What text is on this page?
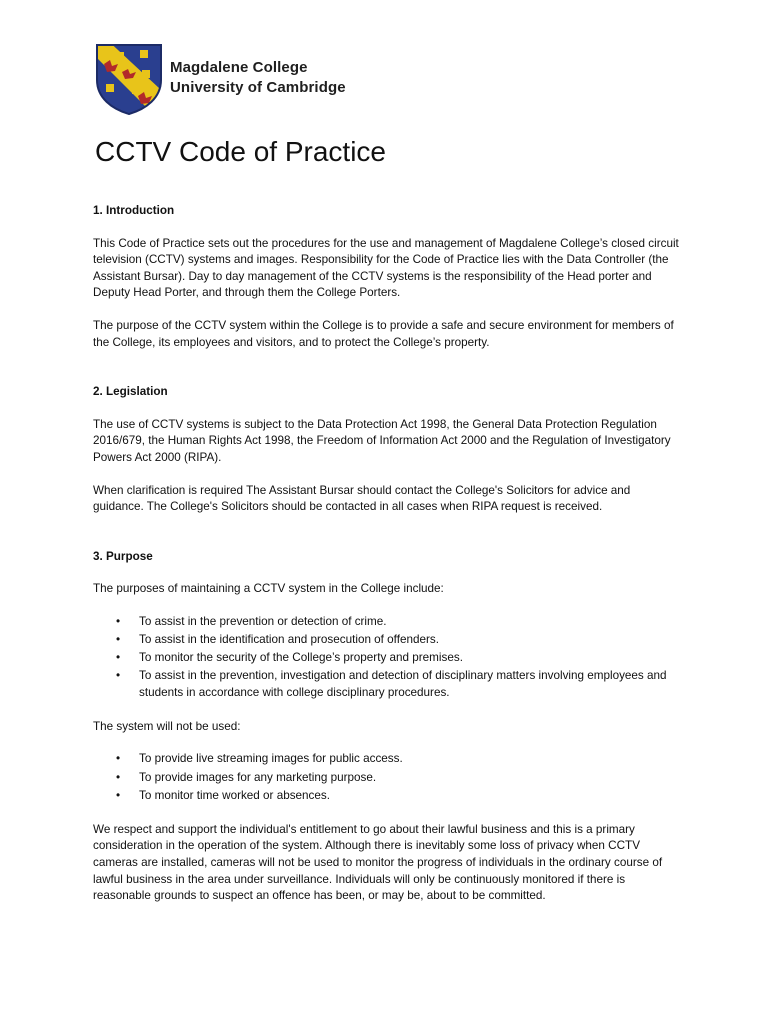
Magdalene College
University of Cambridge
CCTV Code of Practice
1. Introduction

This Code of Practice sets out the procedures for the use and management of Magdalene College’s closed circuit television (CCTV) systems and images. Responsibility for the Code of Practice lies with the Data Controller (the Assistant Bursar). Day to day management of the CCTV systems is the responsibility of the Head porter and Deputy Head Porter, and through them the College Porters.

The purpose of the CCTV system within the College is to provide a safe and secure environment for members of the College, its employees and visitors, and to protect the College’s property.

2. Legislation

The use of CCTV systems is subject to the Data Protection Act 1998, the General Data Protection Regulation 2016/679, the Human Rights Act 1998, the Freedom of Information Act 2000 and the Regulation of Investigatory Powers Act 2000 (RIPA).

When clarification is required The Assistant Bursar should contact the College's Solicitors for advice and guidance. The College's Solicitors should be contacted in all cases when RIPA request is received.

3. Purpose

The purposes of maintaining a CCTV system in the College include:

• To assist in the prevention or detection of crime.
• To assist in the identification and prosecution of offenders.
• To monitor the security of the College’s property and premises.
• To assist in the prevention, investigation and detection of disciplinary matters involving employees and students in accordance with college disciplinary procedures.

The system will not be used:

• To provide live streaming images for public access.
• To provide images for any marketing purpose.
• To monitor time worked or absences.

We respect and support the individual's entitlement to go about their lawful business and this is a primary consideration in the operation of the system. Although there is inevitably some loss of privacy when CCTV cameras are installed, cameras will not be used to monitor the progress of individuals in the ordinary course of lawful business in the area under surveillance. Individuals will only be continuously monitored if there is reasonable grounds to suspect an offence has been, or may be, about to be committed.
